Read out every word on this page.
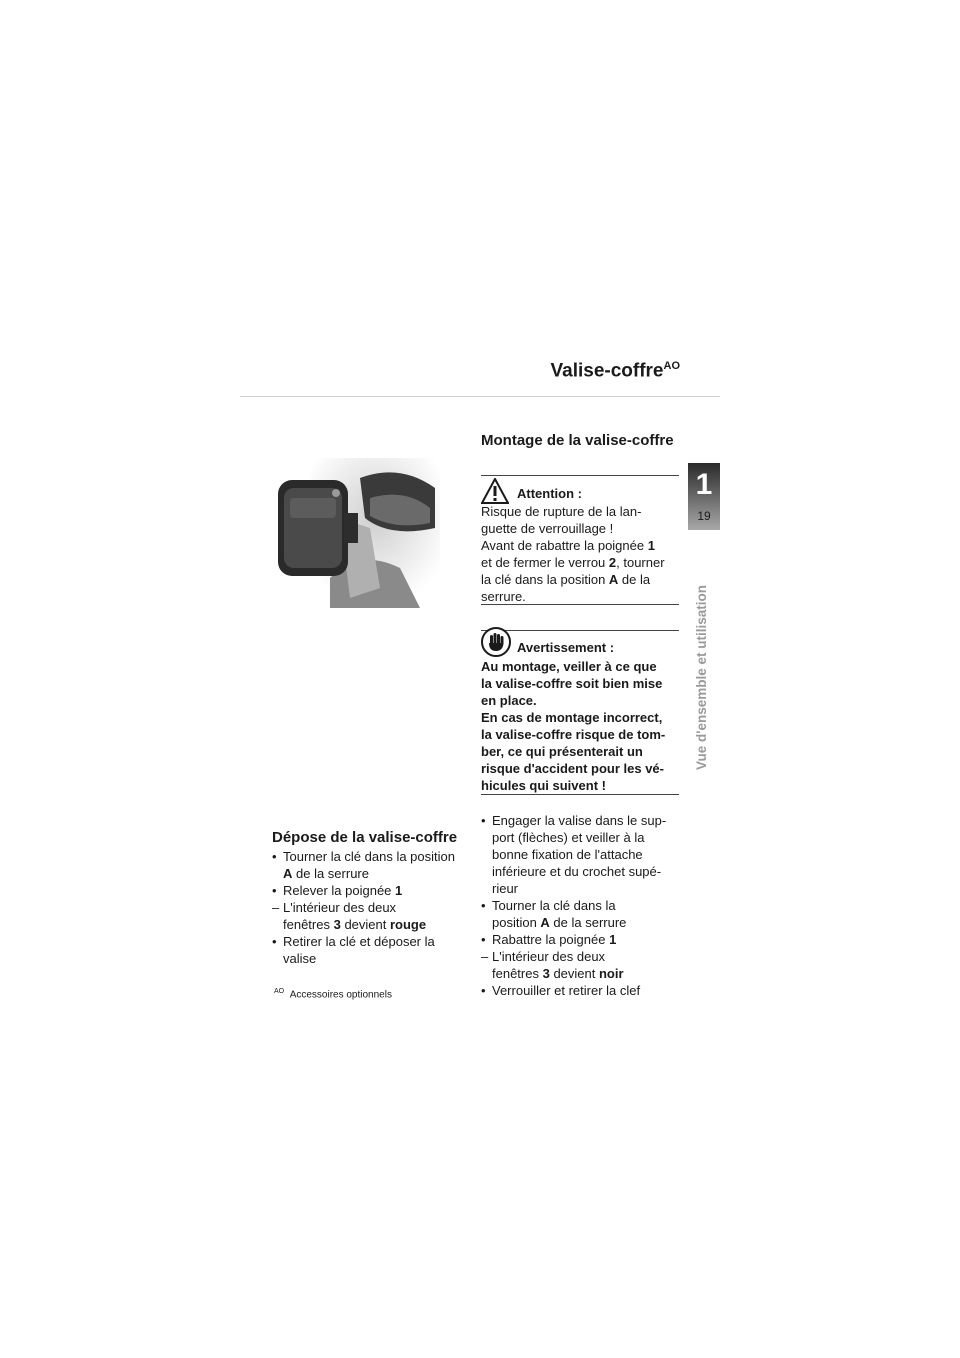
Valise-coffre$^{AO}$
1
19
Vue d'ensemble et utilisation
Montage de la valise-coffre
Attention :
Risque de rupture de la lan-
guette de verrouillage !
Avant de rabattre la poignée 1
et de fermer le verrou 2, tourner
la clé dans la position A de la
serrure.
Avertissement :
Au montage, veiller à ce que
la valise-coffre soit bien mise
en place.
En cas de montage incorrect,
la valise-coffre risque de tom-
ber, ce qui présenterait un
risque d'accident pour les vé-
hicules qui suivent !
• Engager la valise dans le sup-
port (flèches) et veiller à la
bonne fixation de l'attache
inférieure et du crochet supé-
rieur
• Tourner la clé dans la
position A de la serrure
• Rabattre la poignée 1
– L'intérieur des deux
fenêtres 3 devient noir
• Verrouiller et retirer la clef
Dépose de la valise-coffre
• Tourner la clé dans la position
A de la serrure
• Relever la poignée 1
– L'intérieur des deux
fenêtres 3 devient rouge
• Retirer la clé et déposer la
valise
$^{AO}$ Accessoires optionnels
